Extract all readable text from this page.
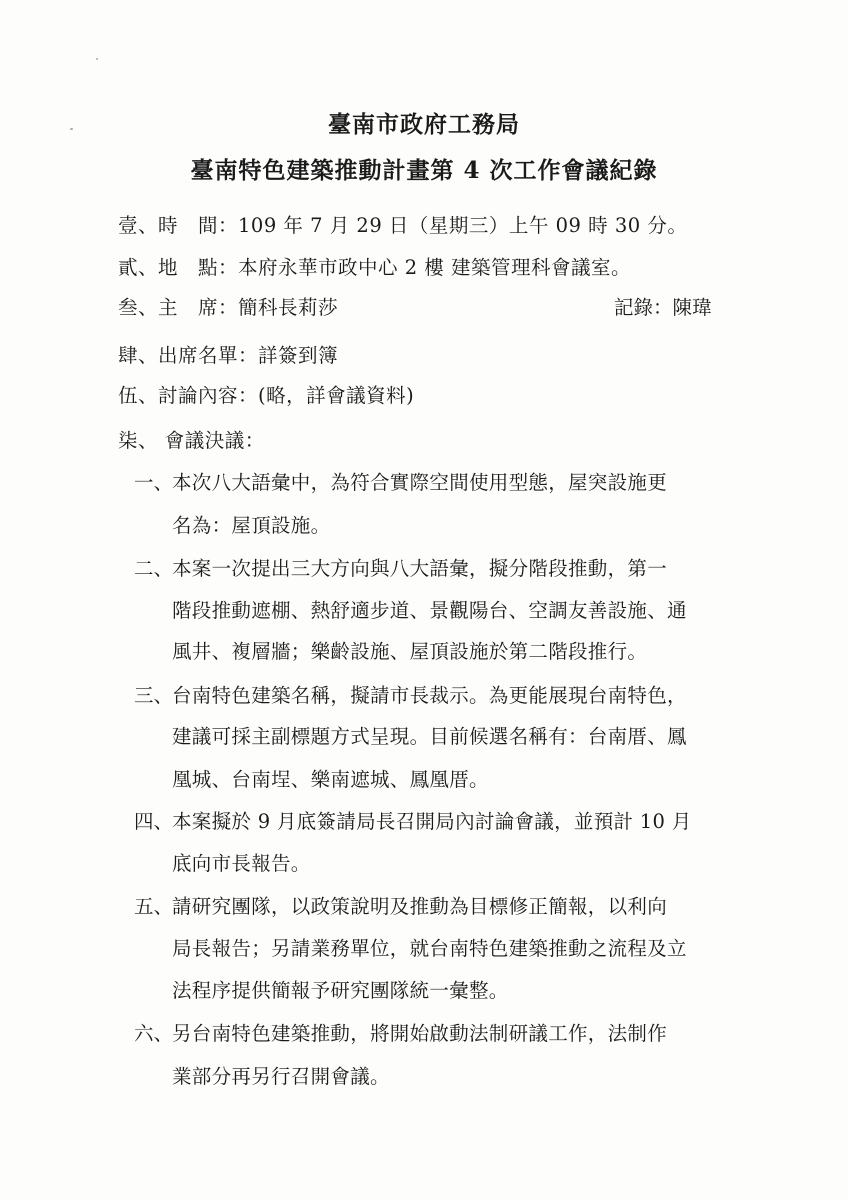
臺南市政府工務局
臺南特色建築推動計畫第 4 次工作會議紀錄
壹、時　間：109 年 7 月 29 日（星期三）上午 09 時 30 分。
貳、地　點：本府永華市政中心 2 樓 建築管理科會議室。
叁、主　席：簡科長莉莎	記錄：陳瑋
肆、出席名單：詳簽到簿
伍、討論內容：(略，詳會議資料)
柒、 會議決議：
一、
本次八大語彙中，為符合實際空間使用型態，屋突設施更
名為：屋頂設施。
二、
本案一次提出三大方向與八大語彙，擬分階段推動，第一
階段推動遮棚、熱舒適步道、景觀陽台、空調友善設施、通
風井、複層牆；樂齡設施、屋頂設施於第二階段推行。
三、
台南特色建築名稱，擬請市長裁示。為更能展現台南特色，
建議可採主副標題方式呈現。目前候選名稱有：台南厝、鳳
凰城、台南埕、樂南遮城、鳳凰厝。
四、
本案擬於 9 月底簽請局長召開局內討論會議，並預計 10 月
底向市長報告。
五、
請研究團隊，以政策說明及推動為目標修正簡報，以利向
局長報告；另請業務單位，就台南特色建築推動之流程及立
法程序提供簡報予研究團隊統一彙整。
六、
另台南特色建築推動，將開始啟動法制研議工作，法制作
業部分再另行召開會議。
